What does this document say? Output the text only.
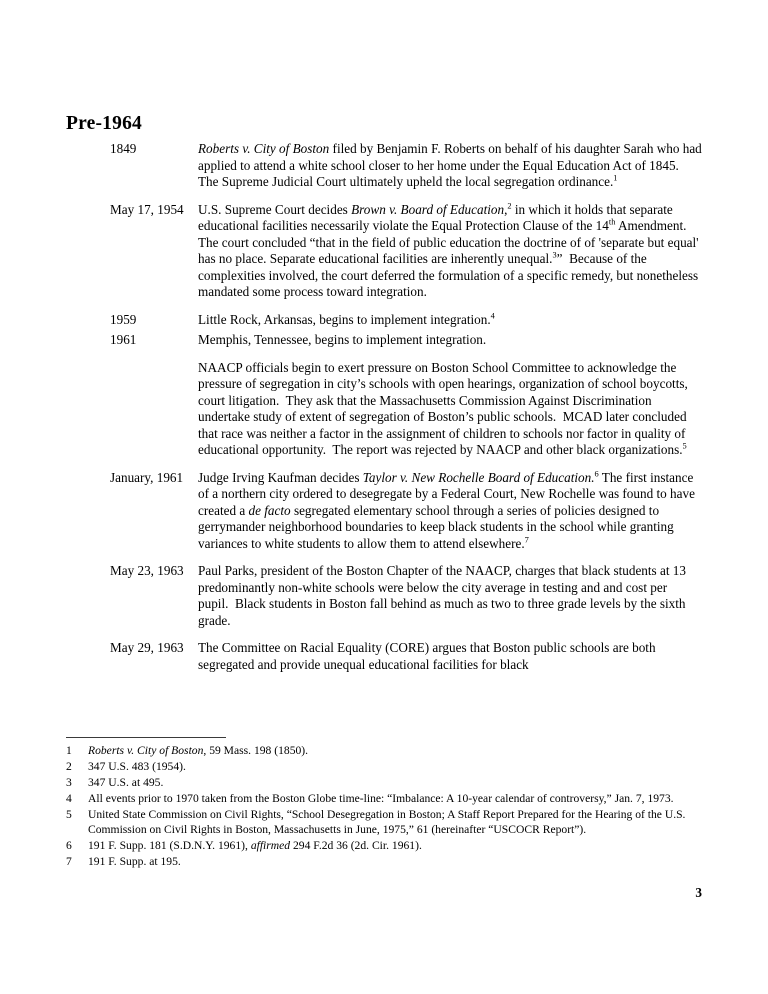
Pre-1964
1849	Roberts v. City of Boston filed by Benjamin F. Roberts on behalf of his daughter Sarah who had applied to attend a white school closer to her home under the Equal Education Act of 1845.  The Supreme Judicial Court ultimately upheld the local segregation ordinance.$^1$
May 17, 1954	U.S. Supreme Court decides Brown v. Board of Education,$^2$ in which it holds that separate educational facilities necessarily violate the Equal Protection Clause of the 14th Amendment.  The court concluded “that in the field of public education the doctrine of of 'separate but equal' has no place. Separate educational facilities are inherently unequal.$^3$”  Because of the complexities involved, the court deferred the formulation of a specific remedy, but nonetheless mandated some process toward integration.
1959	Little Rock, Arkansas, begins to implement integration.$^4$
1961	Memphis, Tennessee, begins to implement integration.
NAACP officials begin to exert pressure on Boston School Committee to acknowledge the pressure of segregation in city’s schools with open hearings, organization of school boycotts, court litigation.  They ask that the Massachusetts Commission Against Discrimination undertake study of extent of segregation of Boston’s public schools.  MCAD later concluded that race was neither a factor in the assignment of children to schools nor factor in quality of educational opportunity.  The report was rejected by NAACP and other black organizations.$^5$
January, 1961	Judge Irving Kaufman decides Taylor v. New Rochelle Board of Education.$^6$ The first instance of a northern city ordered to desegregate by a Federal Court, New Rochelle was found to have created a de facto segregated elementary school through a series of policies designed to gerrymander neighborhood boundaries to keep black students in the school while granting variances to white students to allow them to attend elsewhere.$^7$
May 23, 1963	Paul Parks, president of the Boston Chapter of the NAACP, charges that black students at 13 predominantly non-white schools were below the city average in testing and and cost per pupil.  Black students in Boston fall behind as much as two to three grade levels by the sixth grade.
May 29, 1963	The Committee on Racial Equality (CORE) argues that Boston public schools are both segregated and provide unequal educational facilities for black
1	Roberts v. City of Boston, 59 Mass. 198 (1850).
2	347 U.S. 483 (1954).
3	347 U.S. at 495.
4	All events prior to 1970 taken from the Boston Globe time-line: “Imbalance: A 10-year calendar of controversy,” Jan. 7, 1973.
5	United State Commission on Civil Rights, “School Desegregation in Boston; A Staff Report Prepared for the Hearing of the U.S. Commission on Civil Rights in Boston, Massachusetts in June, 1975,” 61 (hereinafter “USCOCR Report”).
6	191 F. Supp. 181 (S.D.N.Y. 1961), affirmed 294 F.2d 36 (2d. Cir. 1961).
7	191 F. Supp. at 195.
3
